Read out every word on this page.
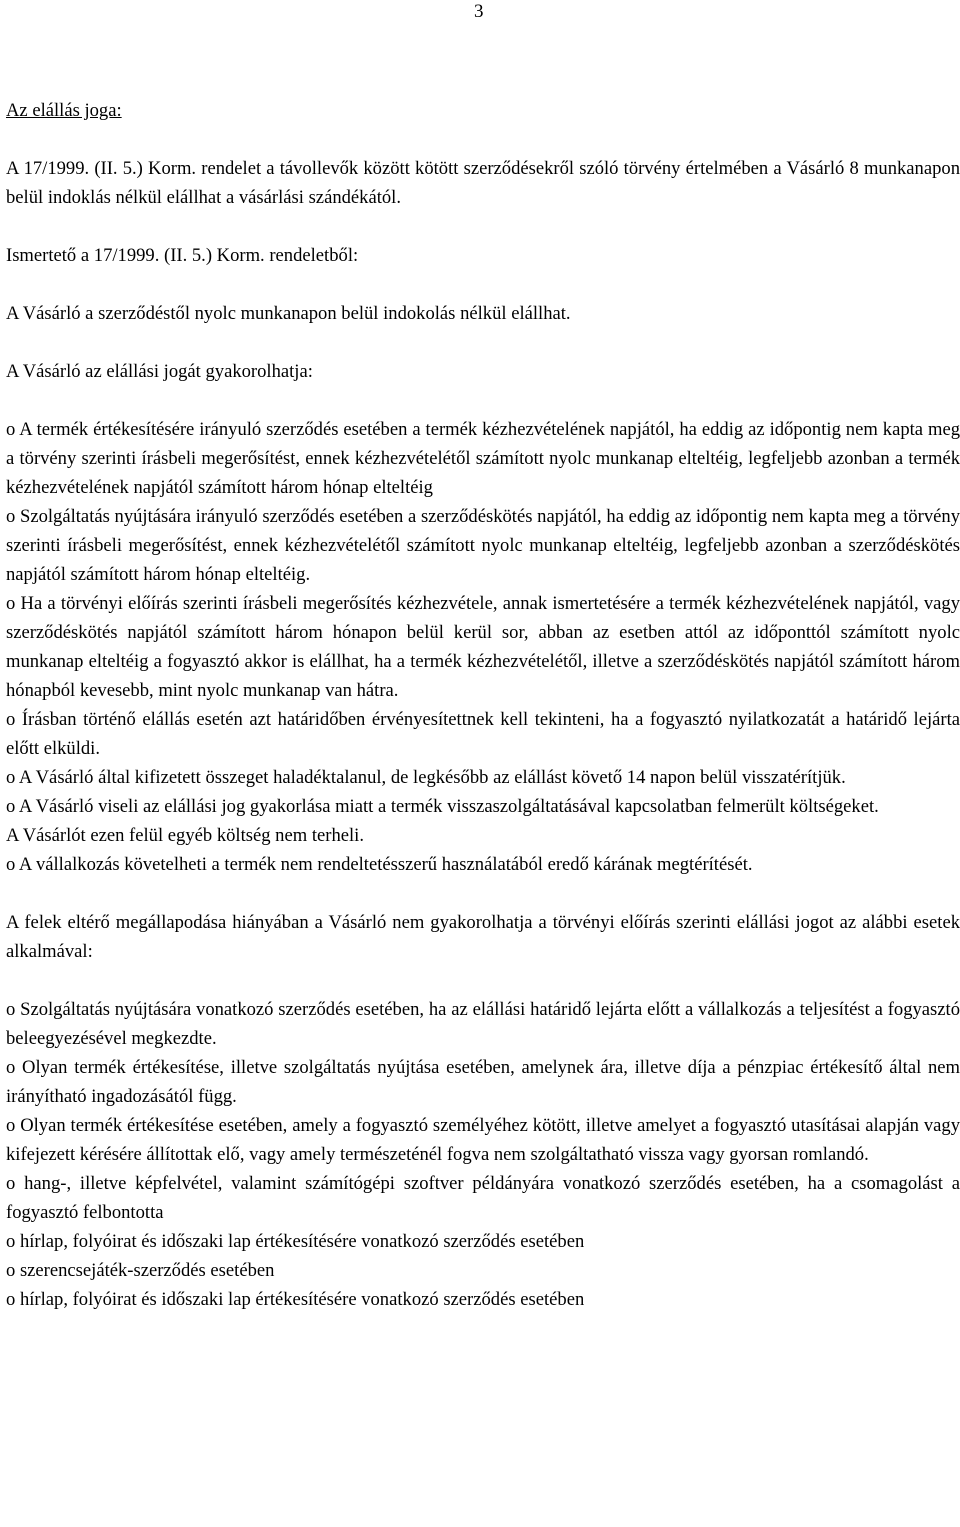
3

Az elállás joga:

A 17/1999. (II. 5.) Korm. rendelet a távollevők között kötött szerződésekről szóló törvény értelmében a Vásárló 8 munkanapon belül indoklás nélkül elállhat a vásárlási szándékától.

Ismertető a 17/1999. (II. 5.) Korm. rendeletből:

A Vásárló a szerződéstől nyolc munkanapon belül indokolás nélkül elállhat.

A Vásárló az elállási jogát gyakorolhatja:

o A termék értékesítésére irányuló szerződés esetében a termék kézhezvételének napjától, ha eddig az időpontig nem kapta meg a törvény szerinti írásbeli megerősítést, ennek kézhezvételétől számított nyolc munkanap elteltéig, legfeljebb azonban a termék kézhezvételének napjától számított három hónap elteltéig

o Szolgáltatás nyújtására irányuló szerződés esetében a szerződéskötés napjától, ha eddig az időpontig nem kapta meg a törvény szerinti írásbeli megerősítést, ennek kézhezvételétől számított nyolc munkanap elteltéig, legfeljebb azonban a szerződéskötés napjától számított három hónap elteltéig.

o Ha a törvényi előírás szerinti írásbeli megerősítés kézhezvétele, annak ismertetésére a termék kézhezvételének napjától, vagy szerződéskötés napjától számított három hónapon belül kerül sor, abban az esetben attól az időponttól számított nyolc munkanap elteltéig a fogyasztó akkor is elállhat, ha a termék kézhezvételétől, illetve a szerződéskötés napjától számított három hónapból kevesebb, mint nyolc munkanap van hátra.

o Írásban történő elállás esetén azt határidőben érvényesítettnek kell tekinteni, ha a fogyasztó nyilatkozatát a határidő lejárta előtt elküldi.

o A Vásárló által kifizetett összeget haladéktalanul, de legkésőbb az elállást követő 14 napon belül visszatérítjük.

o A Vásárló viseli az elállási jog gyakorlása miatt a termék visszaszolgáltatásával kapcsolatban felmerült költségeket.

A Vásárlót ezen felül egyéb költség nem terheli.

o A vállalkozás követelheti a termék nem rendeltetésszerű használatából eredő kárának megtérítését.

A felek eltérő megállapodása hiányában a Vásárló nem gyakorolhatja a törvényi előírás szerinti elállási jogot az alábbi esetek alkalmával:

o Szolgáltatás nyújtására vonatkozó szerződés esetében, ha az elállási határidő lejárta előtt a vállalkozás a teljesítést a fogyasztó beleegyezésével megkezdte.

o Olyan termék értékesítése, illetve szolgáltatás nyújtása esetében, amelynek ára, illetve díja a pénzpiac értékesítő által nem irányítható ingadozásától függ.

o Olyan termék értékesítése esetében, amely a fogyasztó személyéhez kötött, illetve amelyet a fogyasztó utasításai alapján vagy kifejezett kérésére állítottak elő, vagy amely természeténél fogva nem szolgáltatható vissza vagy gyorsan romlandó.

o hang-, illetve képfelvétel, valamint számítógépi szoftver példányára vonatkozó szerződés esetében, ha a csomagolást a fogyasztó felbontotta

o hírlap, folyóirat és időszaki lap értékesítésére vonatkozó szerződés esetében

o szerencsejáték-szerződés esetében

o hírlap, folyóirat és időszaki lap értékesítésére vonatkozó szerződés esetében
